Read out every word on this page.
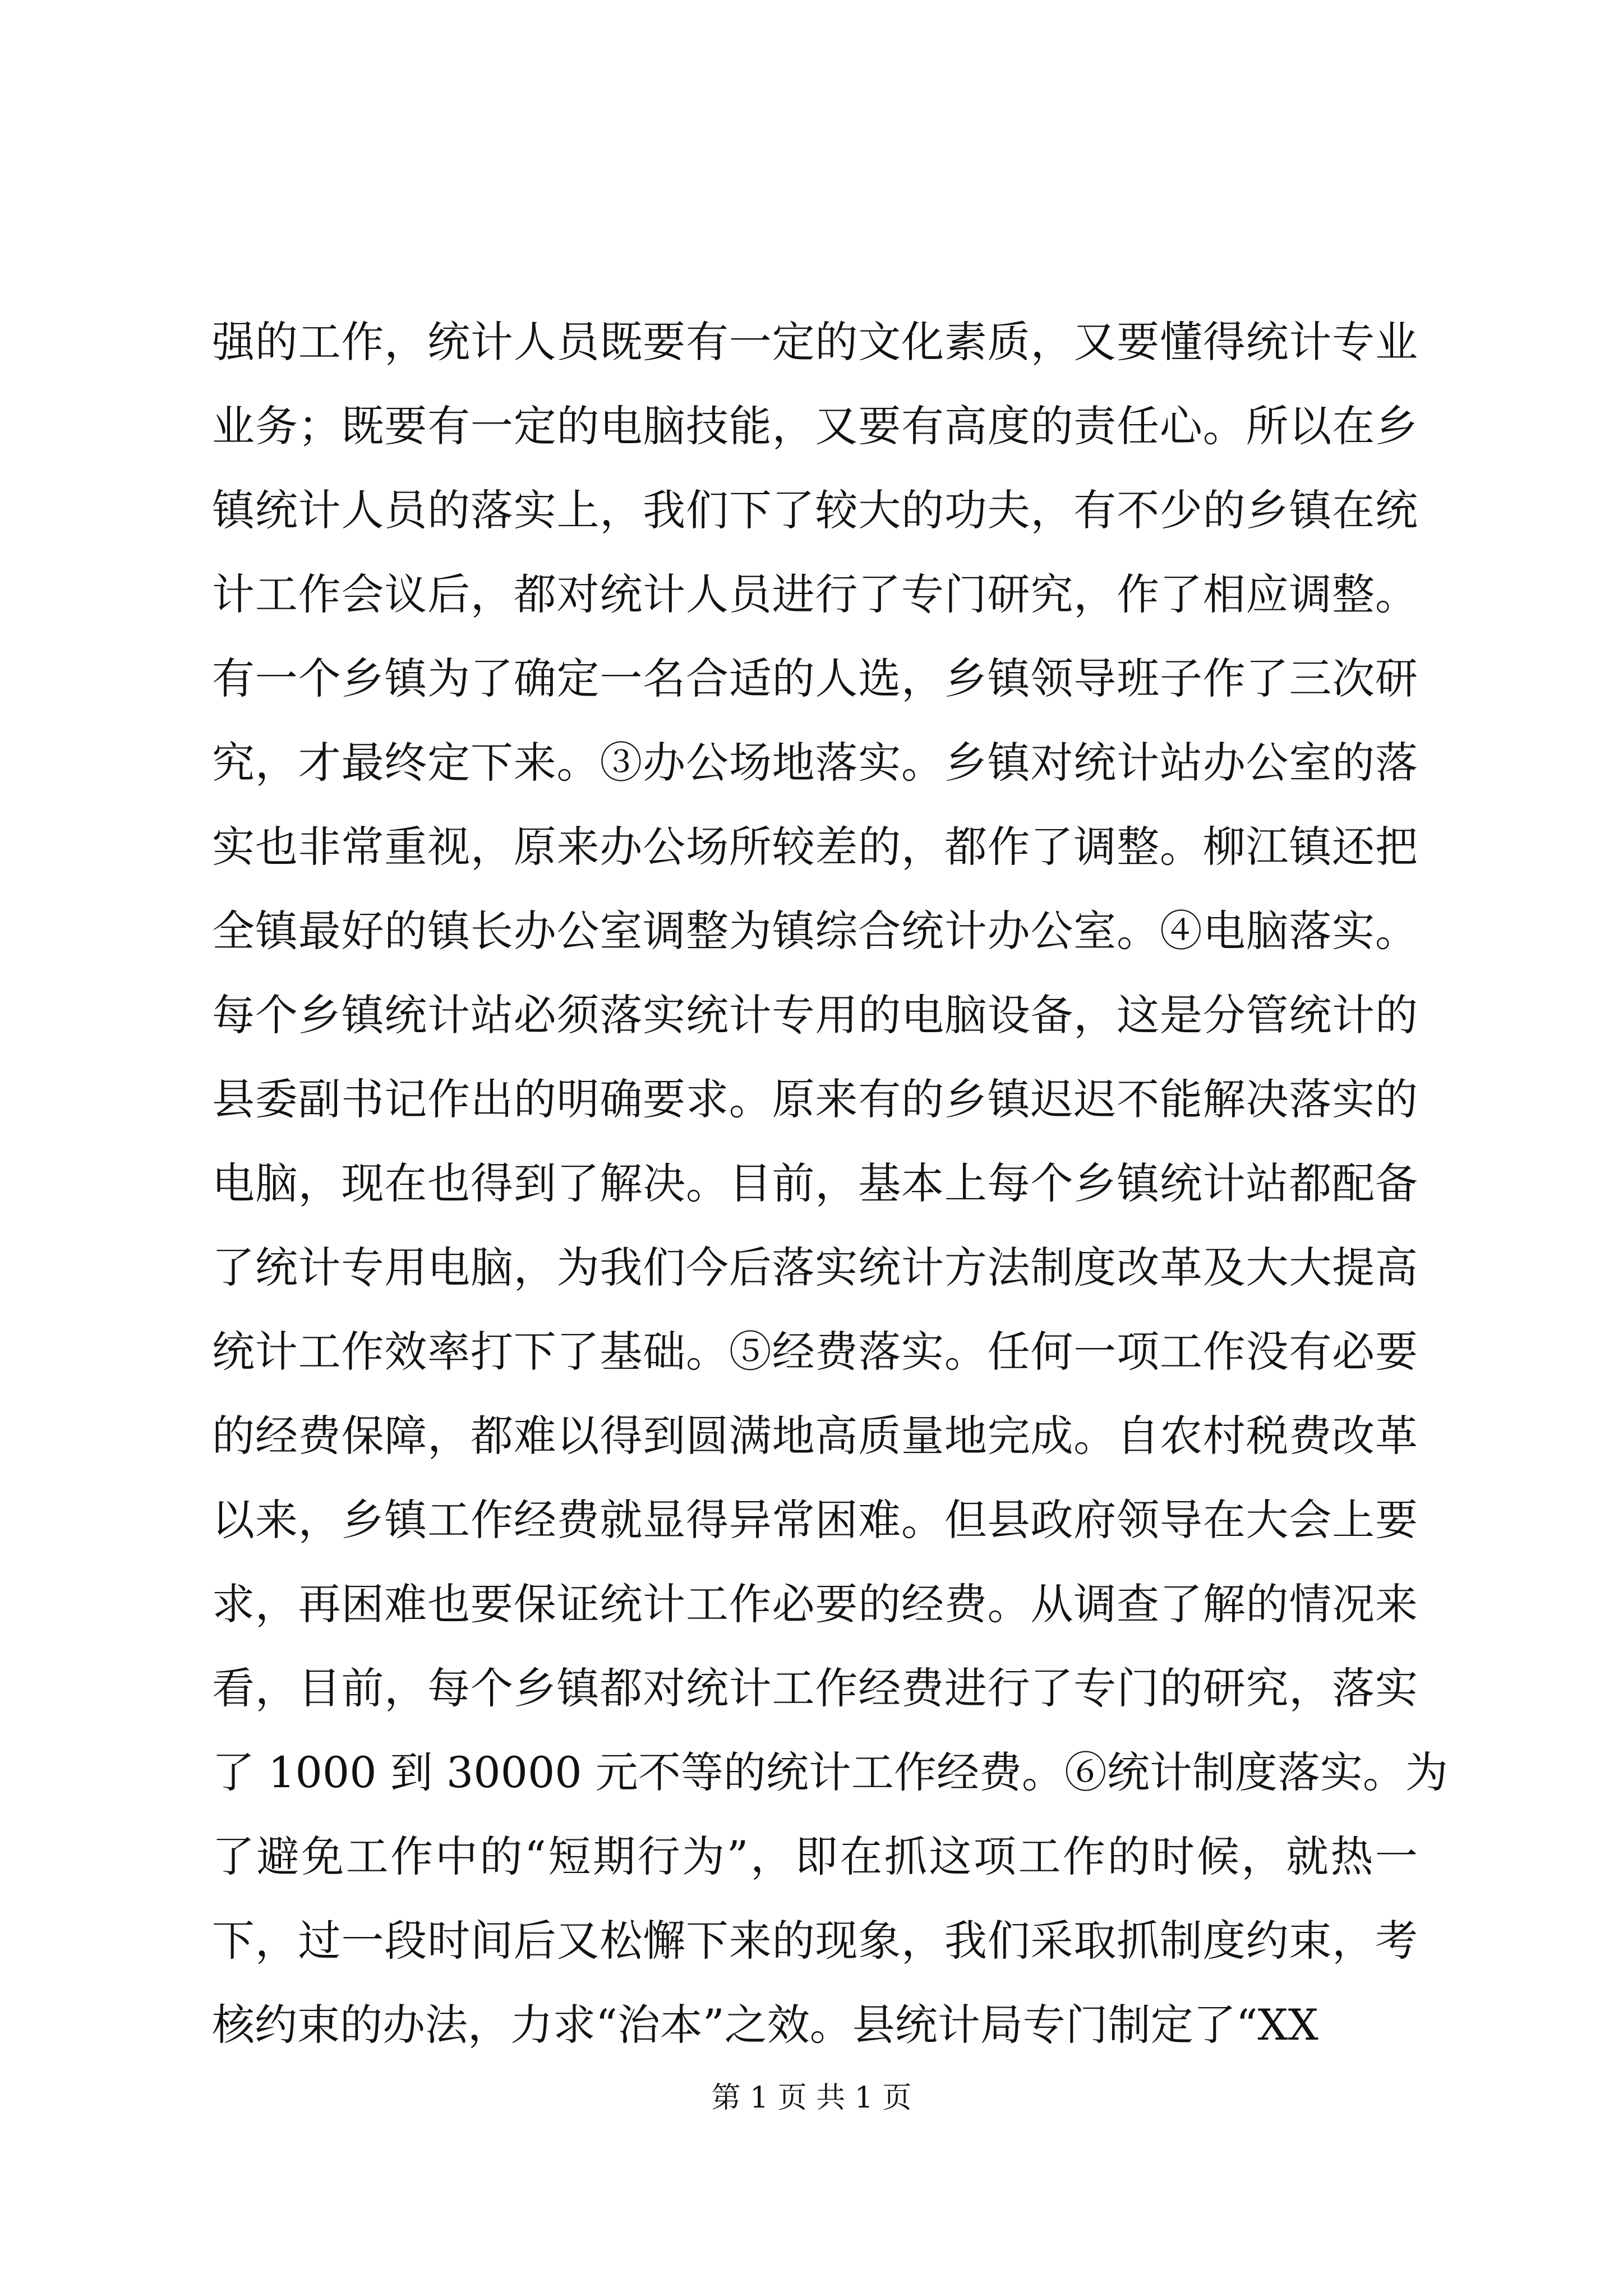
强的工作，统计人员既要有一定的文化素质，又要懂得统计专业
业务；既要有一定的电脑技能，又要有高度的责任心。所以在乡
镇统计人员的落实上，我们下了较大的功夫，有不少的乡镇在统
计工作会议后，都对统计人员进行了专门研究，作了相应调整。
有一个乡镇为了确定一名合适的人选，乡镇领导班子作了三次研
究，才最终定下来。③办公场地落实。乡镇对统计站办公室的落
实也非常重视，原来办公场所较差的，都作了调整。柳江镇还把
全镇最好的镇长办公室调整为镇综合统计办公室。④电脑落实。
每个乡镇统计站必须落实统计专用的电脑设备，这是分管统计的
县委副书记作出的明确要求。原来有的乡镇迟迟不能解决落实的
电脑，现在也得到了解决。目前，基本上每个乡镇统计站都配备
了统计专用电脑，为我们今后落实统计方法制度改革及大大提高
统计工作效率打下了基础。⑤经费落实。任何一项工作没有必要
的经费保障，都难以得到圆满地高质量地完成。自农村税费改革
以来，乡镇工作经费就显得异常困难。但县政府领导在大会上要
求，再困难也要保证统计工作必要的经费。从调查了解的情况来
看，目前，每个乡镇都对统计工作经费进行了专门的研究，落实
了 1000 到 30000 元不等的统计工作经费。⑥统计制度落实。为
了避免工作中的“短期行为”，即在抓这项工作的时候，就热一
下，过一段时间后又松懈下来的现象，我们采取抓制度约束，考
核约束的办法，力求“治本”之效。县统计局专门制定了“XX
第 1 页 共 1 页
